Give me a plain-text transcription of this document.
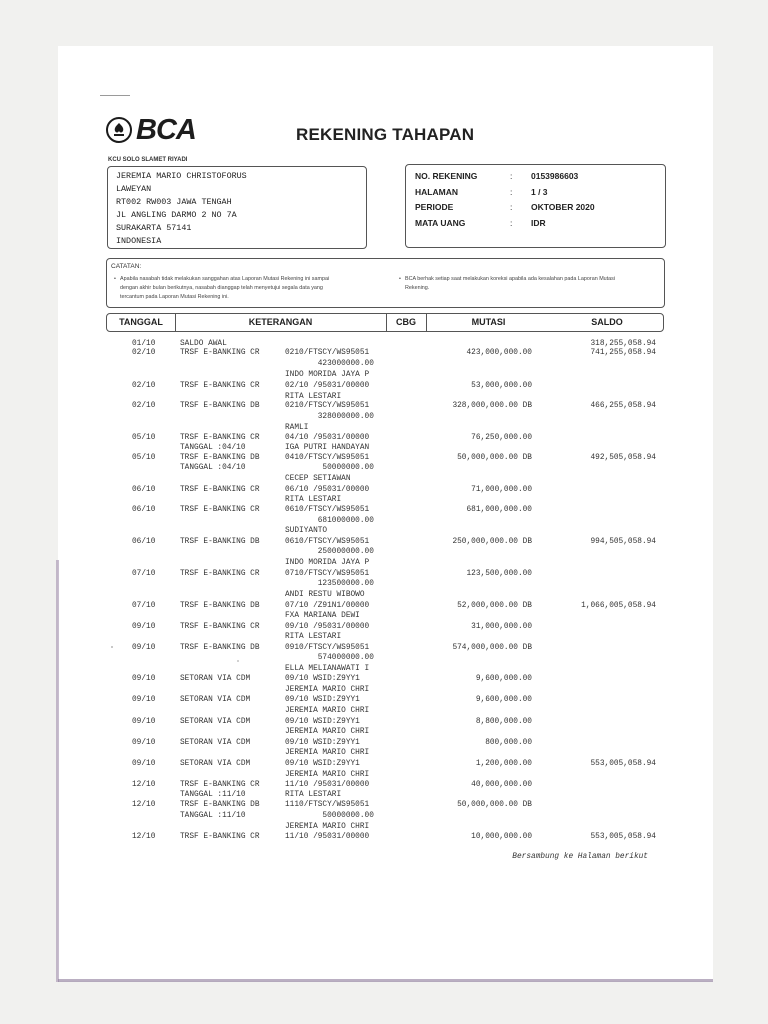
BCA
KCU SOLO SLAMET RIYADI
REKENING TAHAPAN
JEREMIA MARIO CHRISTOFORUS
LAWEYAN
RT002 RW003 JAWA TENGAH
JL ANGLING DARMO 2 NO 7A
SURAKARTA 57141
INDONESIA
NO. REKENING	: 0153986603
HALAMAN	: 1 / 3
PERIODE	: OKTOBER 2020
MATA UANG	: IDR
CATATAN:
• Apabila nasabah tidak melakukan sanggahan atas Laporan Mutasi Rekening ini sampai
dengan akhir bulan berikutnya, nasabah dianggap telah menyetujui segala data yang
tercantum pada Laporan Mutasi Rekening ini.
• BCA berhak setiap saat melakukan koreksi apabila ada kesalahan pada Laporan Mutasi
Rekening.
TANGGAL	KETERANGAN	CBG	MUTASI	SALDO
01/10	SALDO AWAL	318,255,058.94
02/10	TRSF E-BANKING CR	0210/FTSCY/WS95051	423,000,000.00	741,255,058.94
423000000.00
INDO MORIDA JAYA P
02/10	TRSF E-BANKING CR	02/10 /95031/00000	53,000,000.00
RITA LESTARI
02/10	TRSF E-BANKING DB	0210/FTSCY/WS95051	328,000,000.00 DB	466,255,058.94
328000000.00
RAMLI
05/10	TRSF E-BANKING CR	04/10 /95031/00000	76,250,000.00
TANGGAL :04/10	IGA PUTRI HANDAYAN
05/10	TRSF E-BANKING DB	0410/FTSCY/WS95051	50,000,000.00 DB	492,505,058.94
TANGGAL :04/10	50000000.00
CECEP SETIAWAN
06/10	TRSF E-BANKING CR	06/10 /95031/00000	71,000,000.00
RITA LESTARI
06/10	TRSF E-BANKING CR	0610/FTSCY/WS95051	681,000,000.00
681000000.00
SUDIYANTO
06/10	TRSF E-BANKING DB	0610/FTSCY/WS95051	250,000,000.00 DB	994,505,058.94
250000000.00
INDO MORIDA JAYA P
07/10	TRSF E-BANKING CR	0710/FTSCY/WS95051	123,500,000.00
123500000.00
ANDI RESTU WIBOWO
07/10	TRSF E-BANKING DB	07/10 /Z91N1/00000	52,000,000.00 DB	1,066,005,058.94
FXA MARIANA DEWI
09/10	TRSF E-BANKING CR	09/10 /95031/00000	31,000,000.00
RITA LESTARI
09/10	TRSF E-BANKING DB	0910/FTSCY/WS95051	574,000,000.00 DB
574000000.00
ELLA MELIANAWATI I
09/10	SETORAN VIA CDM	09/10 WSID:Z9YY1	9,600,000.00
JEREMIA MARIO CHRI
09/10	SETORAN VIA CDM	09/10 WSID:Z9YY1	9,600,000.00
JEREMIA MARIO CHRI
09/10	SETORAN VIA CDM	09/10 WSID:Z9YY1	8,800,000.00
JEREMIA MARIO CHRI
09/10	SETORAN VIA CDM	09/10 WSID:Z9YY1	800,000.00
JEREMIA MARIO CHRI
09/10	SETORAN VIA CDM	09/10 WSID:Z9YY1	1,200,000.00	553,005,058.94
JEREMIA MARIO CHRI
12/10	TRSF E-BANKING CR	11/10 /95031/00000	40,000,000.00
TANGGAL :11/10	RITA LESTARI
12/10	TRSF E-BANKING DB	1110/FTSCY/WS95051	50,000,000.00 DB
TANGGAL :11/10	50000000.00
JEREMIA MARIO CHRI
12/10	TRSF E-BANKING CR	11/10 /95031/00000	10,000,000.00	553,005,058.94
Bersambung ke Halaman berikut
